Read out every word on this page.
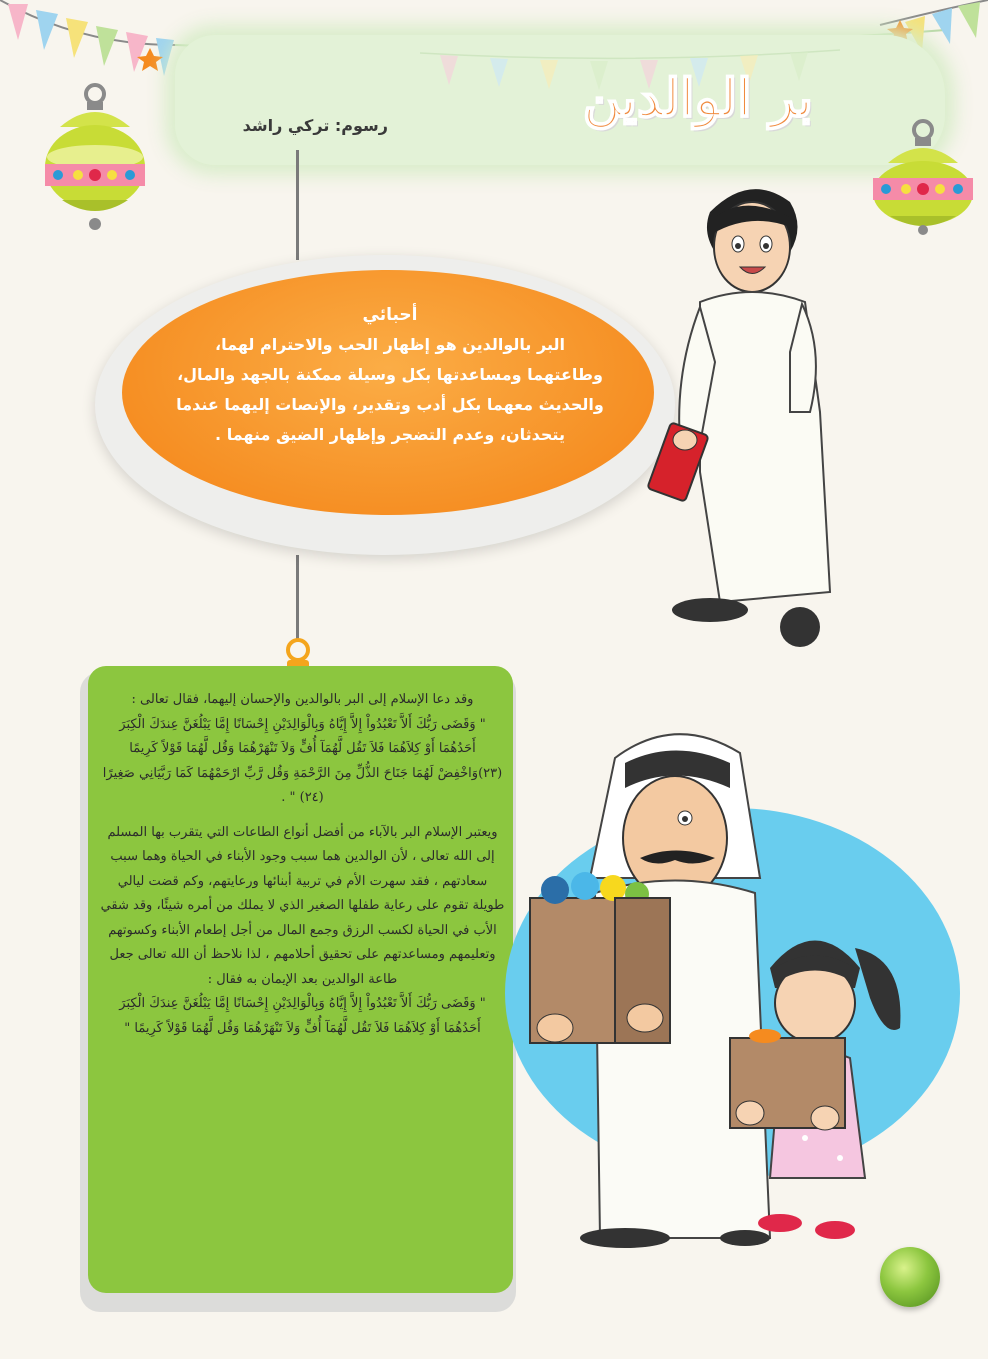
بر الوالدين
رسوم: تركي راشد
أحبائي
البر بالوالدين هو إظهار الحب والاحترام لهما،
وطاعتهما ومساعدتها بكل وسيلة ممكنة بالجهد والمال،
والحديث معهما بكل أدب وتقدير، والإنصات إليهما عندما
يتحدثان، وعدم التضجر وإظهار الضيق منهما .

وقد دعا الإسلام إلى البر بالوالدين والإحسان إليهما، فقال تعالى :

" وَقَضَى رَبُّكَ أَلاَّ تَعْبُدُواْ إِلاَّ إِيَّاهُ وَبِالْوَالِدَيْنِ إِحْسَانًا إِمَّا يَبْلُغَنَّ عِندَكَ الْكِبَرَ أَحَدُهُمَا أَوْ كِلاَهُمَا فَلاَ تَقُل لَّهُمَآ أُفٍّ وَلاَ تَنْهَرْهُمَا وَقُل لَّهُمَا قَوْلاً كَرِيمًا (٢٣)وَاخْفِضْ لَهُمَا جَنَاحَ الذُّلِّ مِنَ الرَّحْمَةِ وَقُل رَّبِّ ارْحَمْهُمَا كَمَا رَبَّيَانِي صَغِيرًا (٢٤) " .

ويعتبر الإسلام البر بالآباء من أفضل أنواع الطاعات التي يتقرب بها المسلم إلى الله تعالى ، لأن الوالدين هما سبب وجود الأبناء في الحياة وهما سبب سعادتهم ، فقد سهرت الأم في تربية أبنائها ورعايتهم، وكم قضت ليالي طويلة تقوم على رعاية طفلها الصغير الذي لا يملك من أمره شيئًا، وقد شقي الأب في الحياة لكسب الرزق وجمع المال من أجل إطعام الأبناء وكسوتهم وتعليمهم ومساعدتهم على تحقيق أحلامهم ، لذا نلاحظ أن الله تعالى جعل طاعة الوالدين بعد الإيمان به فقال :

" وَقَضَى رَبُّكَ أَلاَّ تَعْبُدُواْ إِلاَّ إِيَّاهُ وَبِالْوَالِدَيْنِ إِحْسَانًا إِمَّا يَبْلُغَنَّ عِندَكَ الْكِبَرَ أَحَدُهُمَا أَوْ كِلاَهُمَا فَلاَ تَقُل لَّهُمَآ أُفٍّ وَلاَ تَنْهَرْهُمَا وَقُل لَّهُمَا قَوْلاً كَرِيمًا "
